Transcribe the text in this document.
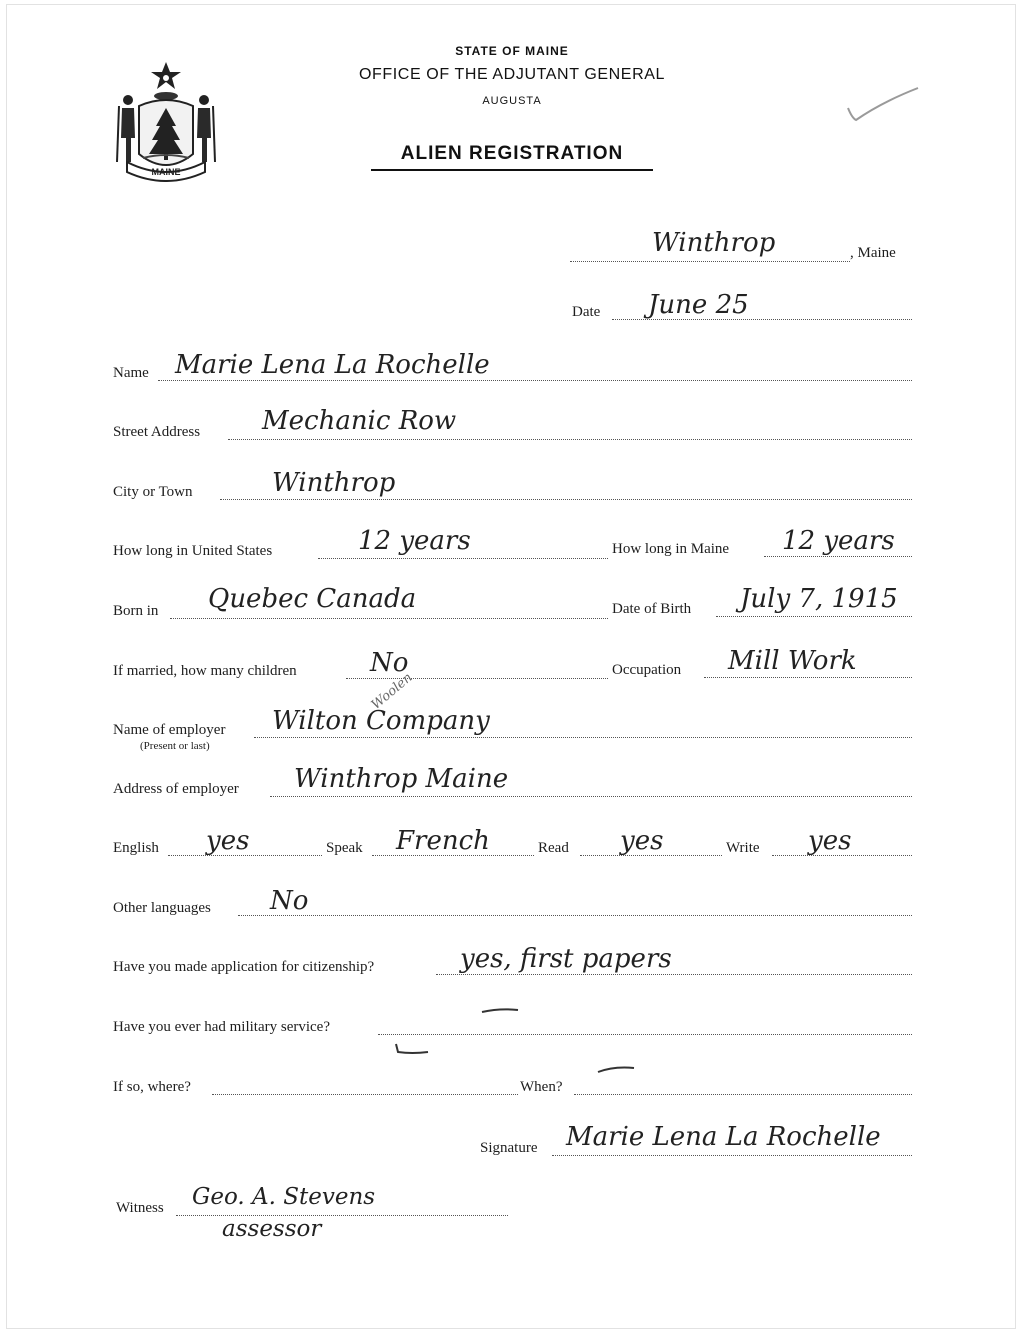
MAINE
STATE OF MAINE
OFFICE OF THE ADJUTANT GENERAL
AUGUSTA
ALIEN REGISTRATION
Winthrop	, Maine
Date June 25
Name Marie Lena La Rochelle
Street Address Mechanic Row
City or Town	Winthrop
How long in United States	12 years	How long in Maine 12 years
Born in Quebec Canada	Date of Birth July 7, 1915
If married, how many children	No	Occupation Mill Work
Name of employer
(Present or last)
Woolen
Wilton Company
Address of employer Winthrop Maine
English yes	Speak French	Read yes	Write yes
Other languages No
Have you made application for citizenship?	yes, first papers
Have you ever had military service?
If so, where?	When?
Signature Marie Lena La Rochelle
Witness Geo. A. Stevens
assessor
